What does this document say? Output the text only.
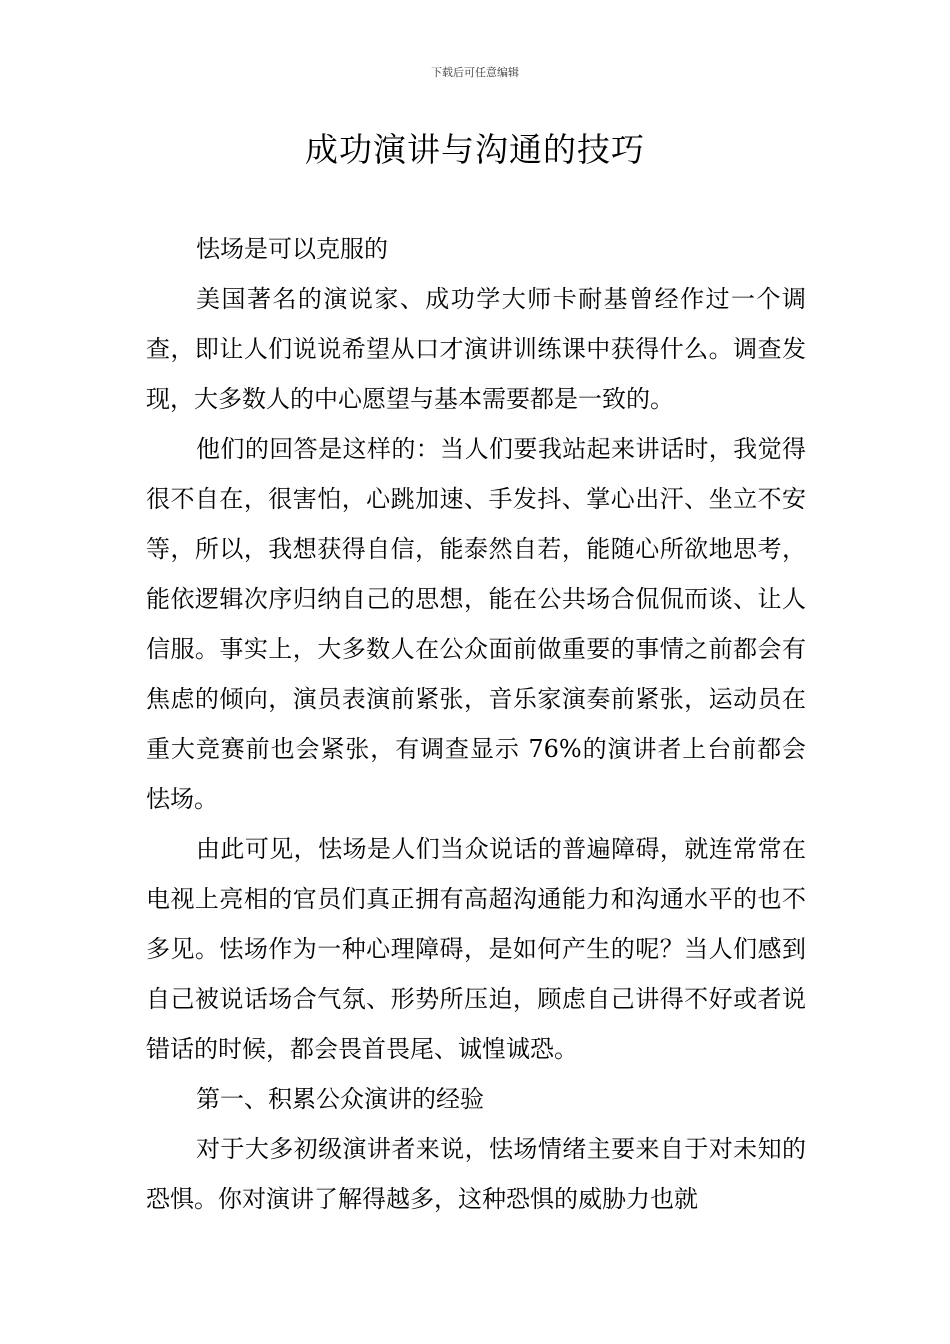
下载后可任意编辑
成功演讲与沟通的技巧

怯场是可以克服的

美国著名的演说家、成功学大师卡耐基曾经作过一个调查，即让人们说说希望从口才演讲训练课中获得什么。调查发现，大多数人的中心愿望与基本需要都是一致的。

他们的回答是这样的：当人们要我站起来讲话时，我觉得很不自在，很害怕，心跳加速、手发抖、掌心出汗、坐立不安等，所以，我想获得自信，能泰然自若，能随心所欲地思考，能依逻辑次序归纳自己的思想，能在公共场合侃侃而谈、让人信服。事实上，大多数人在公众面前做重要的事情之前都会有焦虑的倾向，演员表演前紧张，音乐家演奏前紧张，运动员在重大竞赛前也会紧张，有调查显示 76%的演讲者上台前都会怯场。

由此可见，怯场是人们当众说话的普遍障碍，就连常常在电视上亮相的官员们真正拥有高超沟通能力和沟通水平的也不多见。怯场作为一种心理障碍，是如何产生的呢？当人们感到自己被说话场合气氛、形势所压迫，顾虑自己讲得不好或者说错话的时候，都会畏首畏尾、诚惶诚恐。

第一、积累公众演讲的经验

对于大多初级演讲者来说，怯场情绪主要来自于对未知的恐惧。你对演讲了解得越多，这种恐惧的威胁力也就
